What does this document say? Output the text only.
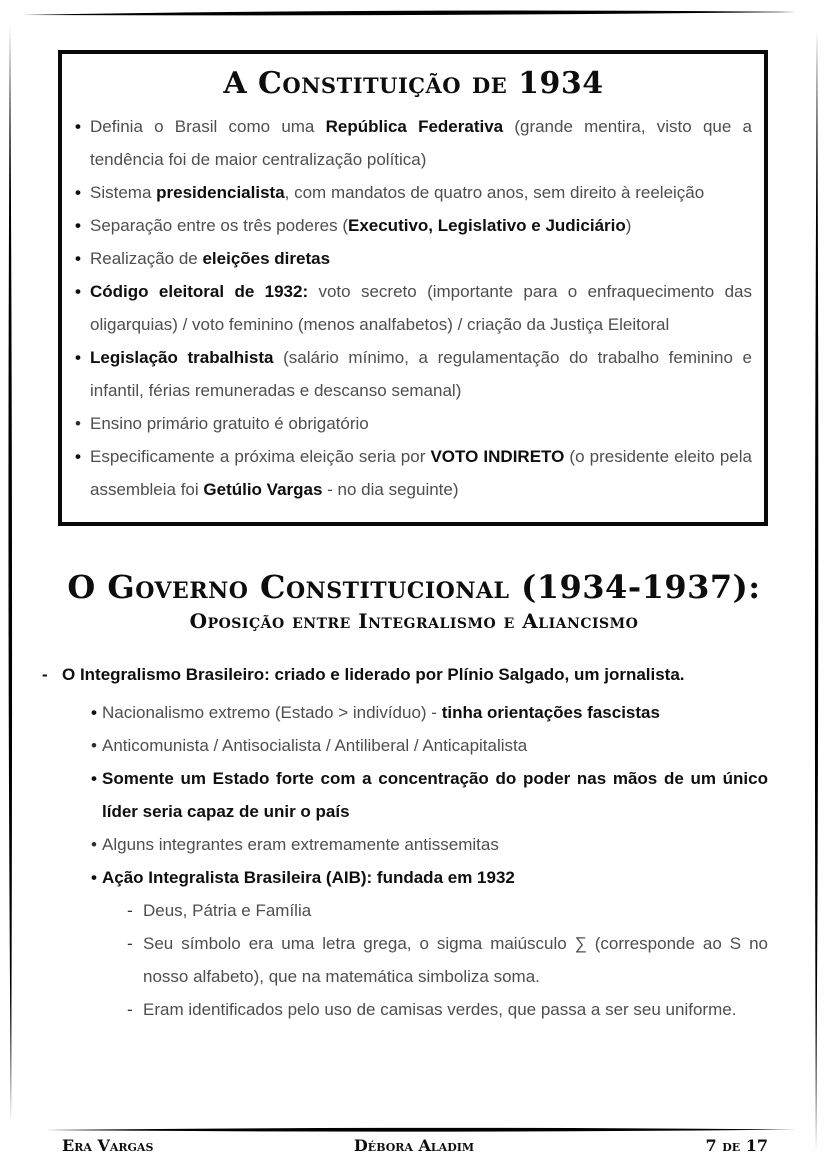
A Constituição de 1934
• Definia o Brasil como uma República Federativa (grande mentira, visto que a tendência foi de maior centralização política)
• Sistema presidencialista, com mandatos de quatro anos, sem direito à reeleição
• Separação entre os três poderes (Executivo, Legislativo e Judiciário)
• Realização de eleições diretas
• Código eleitoral de 1932: voto secreto (importante para o enfraquecimento das oligarquias) / voto feminino (menos analfabetos) / criação da Justiça Eleitoral
• Legislação trabalhista (salário mínimo, a regulamentação do trabalho feminino e infantil, férias remuneradas e descanso semanal)
• Ensino primário gratuito é obrigatório
• Especificamente a próxima eleição seria por VOTO INDIRETO (o presidente eleito pela assembleia foi Getúlio Vargas - no dia seguinte)
O Governo Constitucional (1934-1937):
Oposição entre Integralismo e Aliancismo
- O Integralismo Brasileiro: criado e liderado por Plínio Salgado, um jornalista.
• Nacionalismo extremo (Estado > indivíduo) - tinha orientações fascistas
• Anticomunista / Antisocialista / Antiliberal / Anticapitalista
• Somente um Estado forte com a concentração do poder nas mãos de um único líder seria capaz de unir o país
• Alguns integrantes eram extremamente antissemitas
• Ação Integralista Brasileira (AIB): fundada em 1932
- Deus, Pátria e Família
- Seu símbolo era uma letra grega, o sigma maiúsculo ∑ (corresponde ao S no nosso alfabeto), que na matemática simboliza soma.
- Eram identificados pelo uso de camisas verdes, que passa a ser seu uniforme.
Era Vargas	Débora Aladim	7 de 17
